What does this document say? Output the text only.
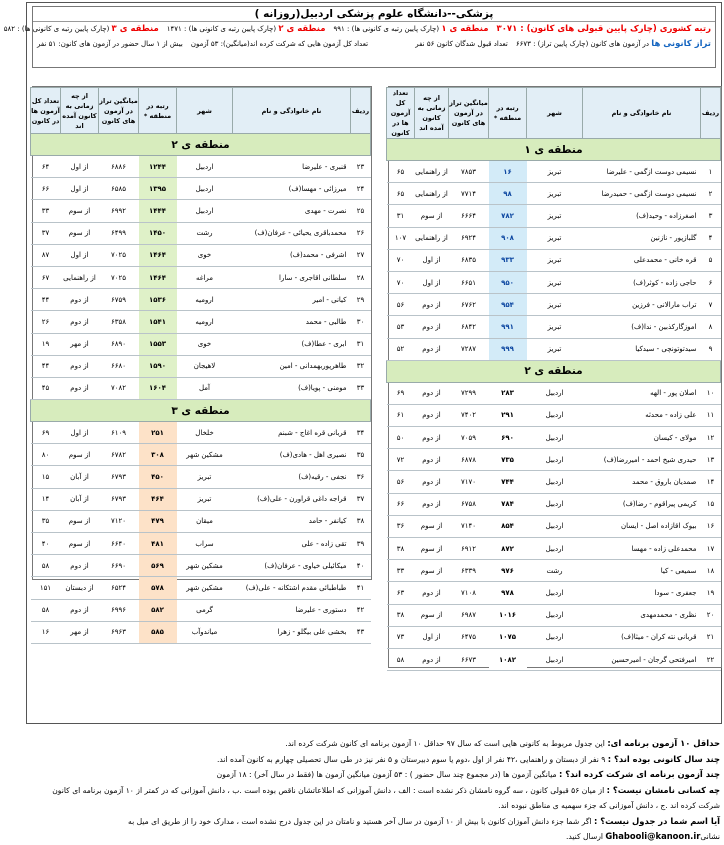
پزشکی--دانشگاه علوم پزشکی اردبیل(روزانه )
رتبه کشوری (چارک پایین قبولی های کانون) : ۳۰۷۱
منطقه ی ۱ (چارک پایین رتبه ی کانونی ها) : ۹۹۱
منطقه ی ۲ (چارک پایین رتبه ی کانونی ها) : ۱۴۷۱
منطقه ی ۳ (چارک پایین رتبه ی کانونی ها) : ۵۸۲
تراز کانونی ها در آزمون های کانون (چارک پایین تراز) : ۶۶۷۳
تعداد قبول شدگان کانون ۵۶ نفر
تعداد کل آزمون هایی که شرکت کرده اند(میانگین): ۵۳ آزمون
بیش از ۱ سال حضور در آزمون های کانون: ۵۱ نفر
ردیف	نام خانوادگی و نام	شهر	رتبه در منطقه *	میانگین تراز در آزمون های کانون	از چه زمانی به کانون آمده اند	تعداد کل آزمون ها در کانون
منطقه ی ۱						
۱	نسیمی دوست ازگمی - علیرضا	تبریز	۱۶	۷۸۵۳	از راهنمایی	۶۵
۲	نسیمی دوست ازگمی - حمیدرضا	تبریز	۹۸	۷۷۱۴	از راهنمایی	۶۵
۳	اصغرزاده - وحید(ف)	تبریز	۷۸۲	۶۶۶۴	از سوم	۳۱
۴	گلبازپور - نازنین	تبریز	۹۰۸	۶۹۲۴	از راهنمایی	۱۰۷
۵	قره خانی - محمدعلی	تبریز	۹۳۳	۶۸۳۵	از اول	۷۰
۶	حاجی زاده - کوثر(ف)	تبریز	۹۵۰	۶۶۵۱	از اول	۷۰
۷	تراب مارالانی - فرزین	تبریز	۹۵۴	۶۷۶۲	از دوم	۵۶
۸	اموزگارکذبین - ندا(ف)	تبریز	۹۹۱	۶۸۴۲	از دوم	۵۳
۹	سیدتوتونچی - سیدکیا	تبریز	۹۹۹	۷۲۸۷	از دوم	۵۲
منطقه ی ۲						
۱۰	اصلان پور - الهه	اردبیل	۲۸۳	۷۲۹۹	از دوم	۶۹
۱۱	علی زاده - محدثه	اردبیل	۲۹۱	۷۴۰۲	از دوم	۶۱
۱۲	مولای - کیسان	اردبیل	۶۹۰	۷۰۵۹	از دوم	۵۰
۱۳	حیدری شیخ احمد - امیررضا(ف)	اردبیل	۷۳۵	۶۸۷۸	از دوم	۷۲
۱۴	صمدیان باروق - محمد	اردبیل	۷۴۴	۷۱۷۰	از دوم	۵۶
۱۵	کریمی پیراقوم - رضا(ف)	اردبیل	۷۸۴	۶۷۵۸	از دوم	۶۶
۱۶	بیوک اقازاده اصل - ایسان	اردبیل	۸۵۴	۷۱۴۰	از سوم	۳۶
۱۷	محمدعلی زاده - مهسا	اردبیل	۸۷۲	۶۹۱۲	از سوم	۳۸
۱۸	سمیعی - کیا	رشت	۹۷۶	۶۳۳۹	از سوم	۳۳
۱۹	جعفری - سودا	اردبیل	۹۷۸	۷۱۰۸	از دوم	۶۳
۲۰	نظری - محمدمهدی	اردبیل	۱۰۱۶	۶۹۸۷	از سوم	۳۸
۲۱	قربانی نته کران - میثا(ف)	اردبیل	۱۰۷۵	۶۴۷۵	از اول	۷۳
۲۲	امیرفتحی گرجان - امیرحسین	اردبیل	۱۰۸۲	۶۶۷۳	از دوم	۵۸
ردیف	نام خانوادگی و نام	شهر	رتبه در منطقه *	میانگین تراز در آزمون های کانون	از چه زمانی به کانون آمده اند	تعداد کل آزمون ها در کانون
منطقه ی ۲						
۲۳	قنبری - علیرضا	اردبیل	۱۲۴۴	۶۸۸۶	از اول	۶۴
۲۴	میرزائی - مهسا(ف)	اردبیل	۱۳۹۵	۶۵۸۵	از اول	۶۶
۲۵	نصرت - مهدی	اردبیل	۱۴۴۴	۶۹۹۲	از سوم	۳۳
۲۶	محمدباقری یحیائی - عرفان(ف)	رشت	۱۴۵۰	۶۴۹۹	از سوم	۳۷
۲۷	اشرفی - محمد(ف)	خوی	۱۴۶۴	۷۰۲۵	از اول	۸۷
۲۸	سلطانی اقاجری - سارا	مراغه	۱۴۶۴	۷۰۲۵	از راهنمایی	۶۷
۲۹	کیانی - امیر	ارومیه	۱۵۳۶	۶۷۵۹	از دوم	۴۴
۳۰	طالبی - محمد	ارومیه	۱۵۴۱	۶۳۵۸	از دوم	۲۶
۳۱	ابری - عطا(ف)	خوی	۱۵۵۳	۶۸۹۰	از مهر	۱۹
۳۲	طاهرپوربهمدانی - امین	لاهیجان	۱۵۹۰	۶۶۸۰	از دوم	۴۴
۳۳	مومنی - پویا(ف)	آمل	۱۶۰۴	۷۰۸۲	از دوم	۴۵
منطقه ی ۳						
۳۴	قربانی قره اغاج - شبنم	خلخال	۲۵۱	۶۱۰۹	از اول	۶۹
۳۵	نصیری اهل - هادی(ف)	مشکین شهر	۳۰۸	۶۷۸۲	از سوم	۸۰
۳۶	نجفی - رقیه(ف)	تبریز	۴۵۰	۶۷۹۳	از آبان	۱۵
۳۷	قراجه داغی قراورن - علی(ف)	تبریز	۴۶۴	۶۷۹۳	از آبان	۱۴
۳۸	کیانفر - حامد	میقان	۴۷۹	۷۱۲۰	از سوم	۳۵
۳۹	تقی زاده - علی	سراب	۴۸۱	۶۶۴۰	از سوم	۴۰
۴۰	میکائیلی خیاوی - عرفان(ف)	مشکین شهر	۵۶۹	۶۶۹۰	از دوم	۵۸
۴۱	طباطبائی مقدم اشتکانه - علی(ف)	مشکین شهر	۵۷۸	۶۵۲۴	از دبستان	۱۵۱
۴۲	دستوری - علیرضا	گرمی	۵۸۲	۶۹۹۶	از دوم	۵۸
۴۳	بخشی علی بیگلو - زهرا	میاندوآب	۵۸۵	۶۹۶۳	از مهر	۱۶

حداقل ۱۰ آزمون برنامه ای: این جدول مربوط به کانونی هایی است که سال ۹۷ حداقل ۱۰ آزمون برنامه ای کانون شرکت کرده اند.

چند سال کانونی بوده اند؟ : ۹ نفر از دبستان و راهنمایی ،۴۲ نفر از اول ،دوم یا سوم دبیرستان و ۵ نفر نیز در طی سال تحصیلی چهارم به کانون آمده اند.

چند آزمون برنامه ای شرکت کرده اند؟ : میانگین آزمون ها (در مجموع چند سال حضور ) : ۵۳ آزمون میانگین آزمون ها (فقط در سال آخر) : ۱۸ آزمون

چه کسانی نامشان نیست؟ : از میان ۵۶ قبولی کانون ، سه گروه نامشان ذکر نشده است : الف ، دانش آموزانی که اطلاعاتشان ناقص بوده است .ب ، دانش آموزانی که در کمتر از ۱۰ آزمون برنامه ای کانون شرکت کرده اند .ج ، دانش آموزانی که جزء سهمیه ی مناطق نبوده اند.

آیا اسم شما در جدول نیست؟ : اگر شما جزء دانش آموزان کانون با بیش از ۱۰ آزمون در سال آخر هستید و نامتان در این جدول درج نشده است ، مدارک خود را از طریق ای میل به نشانیGhabooli@kanoon.ir ارسال کنید.
